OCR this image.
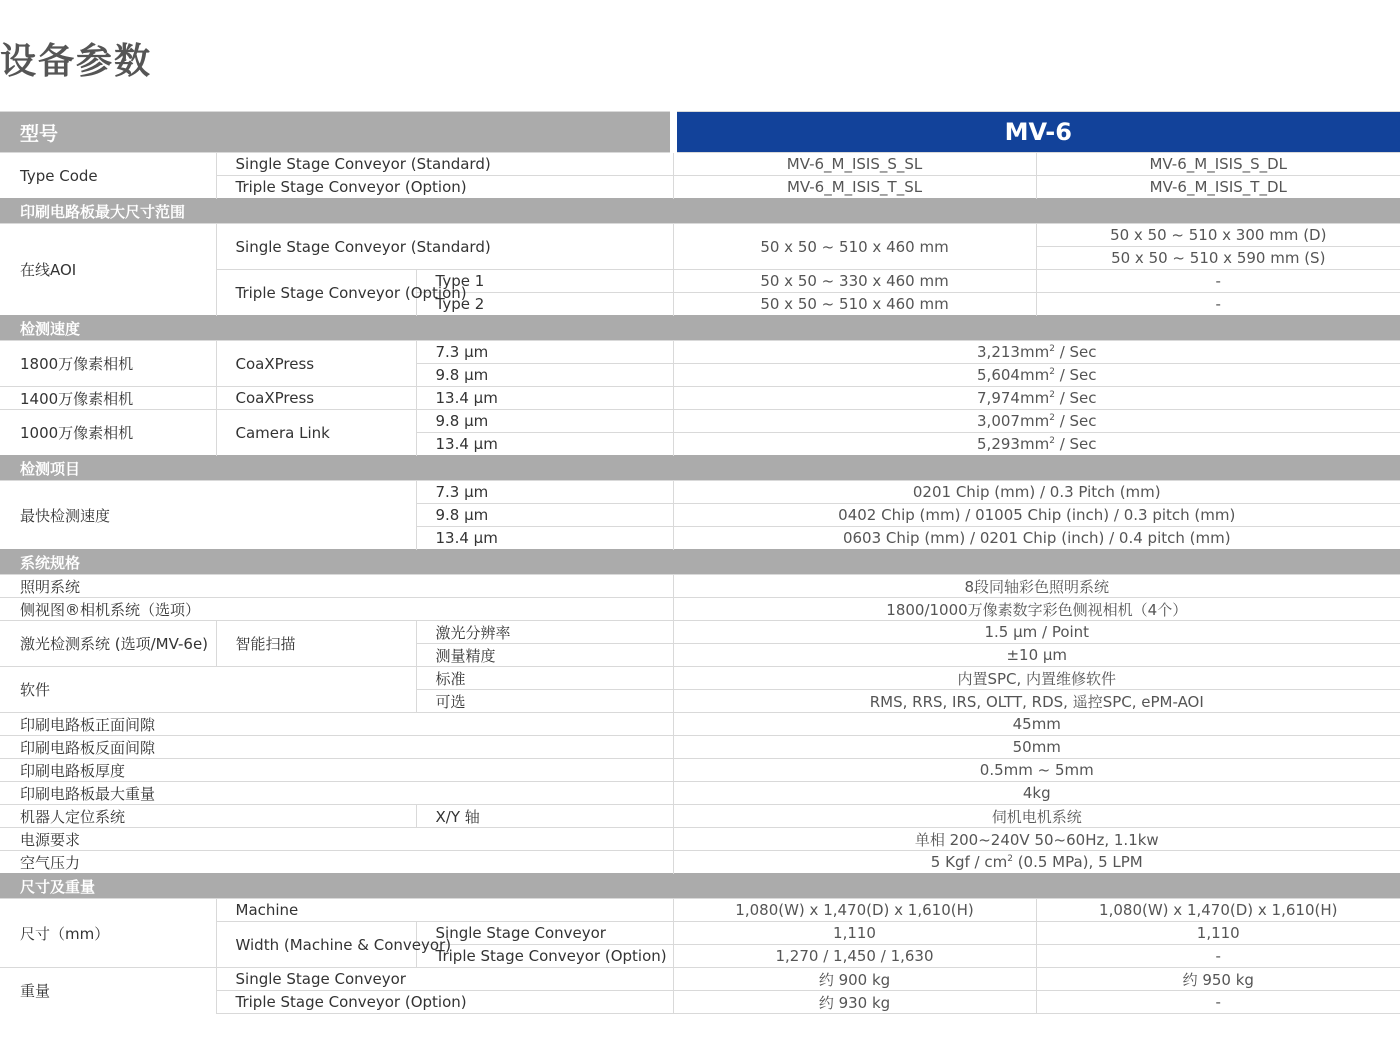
设备参数
型号			MV-6	
Type Code	Single Stage Conveyor (Standard)		MV-6_M_ISIS_S_SL	MV-6_M_ISIS_S_DL
	Triple Stage Conveyor (Option)		MV-6_M_ISIS_T_SL	MV-6_M_ISIS_T_DL
印刷电路板最大尺寸范围				
在线AOI	Single Stage Conveyor (Standard)		50 x 50 ~ 510 x 460 mm	50 x 50 ~ 510 x 300 mm (D)
				50 x 50 ~ 510 x 590 mm (S)
	Triple Stage Conveyor (Option)	Type 1	50 x 50 ~ 330 x 460 mm	-
		Type 2	50 x 50 ~ 510 x 460 mm	-
检测速度				
1800万像素相机	CoaXPress	7.3 μm	$3,213mm^2$ / Sec	
		9.8 μm	$5,604mm^2$ / Sec	
1400万像素相机	CoaXPress	13.4 μm	$7,974mm^2$ / Sec	
1000万像素相机	Camera Link	9.8 μm	$3,007mm^2$ / Sec	
		13.4 μm	$5,293mm^2$ / Sec	
检测项目				
最快检测速度		7.3 μm	0201 Chip (mm) / 0.3 Pitch (mm)	
		9.8 μm	0402 Chip (mm) / 01005 Chip (inch) / 0.3 pitch (mm)	
		13.4 μm	0603 Chip (mm) / 0201 Chip (inch) / 0.4 pitch (mm)	
系统规格				
照明系统			8段同轴彩色照明系统	
侧视图®相机系统（选项）			1800/1000万像素数字彩色侧视相机（4个）	
激光检测系统 (选项/MV-6e)	智能扫描	激光分辨率	1.5 μm / Point	
		测量精度	±10 μm	
软件		标准	内置SPC, 内置维修软件	
		可选	RMS, RRS, IRS, OLTT, RDS, 遥控SPC, ePM-AOI	
印刷电路板正面间隙			45mm	
印刷电路板反面间隙			50mm	
印刷电路板厚度			0.5mm ~ 5mm	
印刷电路板最大重量			4kg	
机器人定位系统		X/Y 轴	伺机电机系统	
电源要求			单相 200~240V 50~60Hz, 1.1kw	
空气压力			5 Kgf / $cm^2$ (0.5 MPa), 5 LPM	
尺寸及重量				
尺寸（mm）	Machine		1,080(W) x 1,470(D) x 1,610(H)	1,080(W) x 1,470(D) x 1,610(H)
	Width (Machine & Conveyor)	Single Stage Conveyor	1,110	1,110
		Triple Stage Conveyor (Option)	1,270 / 1,450 / 1,630	-
重量	Single Stage Conveyor		约 900 kg	约 950 kg
	Triple Stage Conveyor (Option)		约 930 kg	-
